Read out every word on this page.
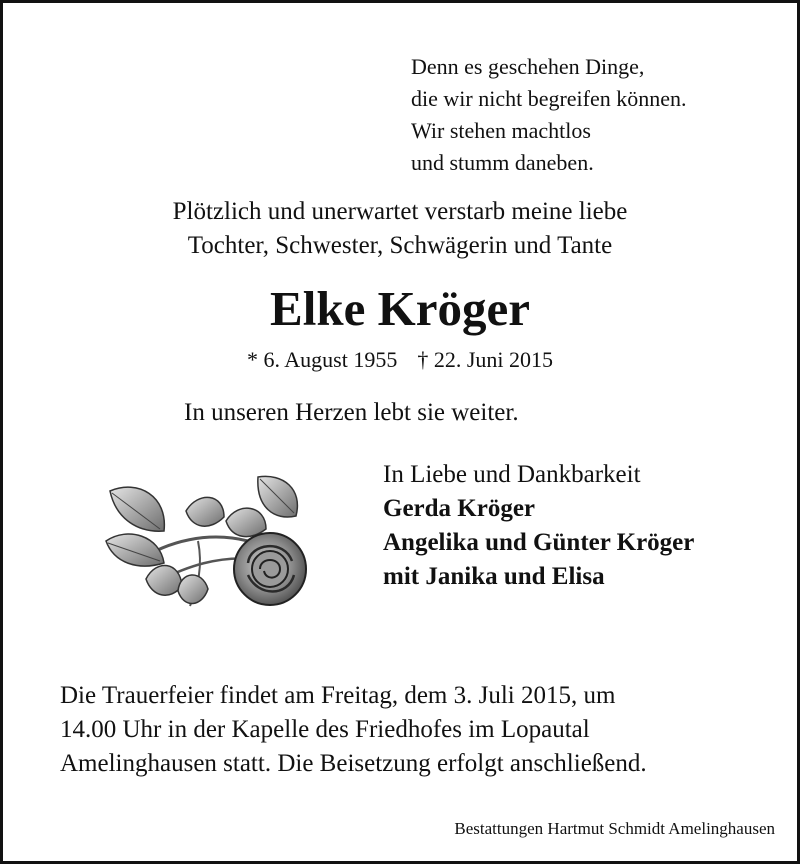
Denn es geschehen Dinge,
die wir nicht begreifen können.
Wir stehen machtlos
und stumm daneben.
Plötzlich und unerwartet verstarb meine liebe
Tochter, Schwester, Schwägerin und Tante
Elke Kröger
* 6. August 1955 † 22. Juni 2015
In unseren Herzen lebt sie weiter.
In Liebe und Dankbarkeit
Gerda Kröger
Angelika und Günter Kröger
mit Janika und Elisa
Die Trauerfeier findet am Freitag, dem 3. Juli 2015, um
14.00 Uhr in der Kapelle des Friedhofes im Lopautal
Amelinghausen statt. Die Beisetzung erfolgt anschließend.
Bestattungen Hartmut Schmidt Amelinghausen
